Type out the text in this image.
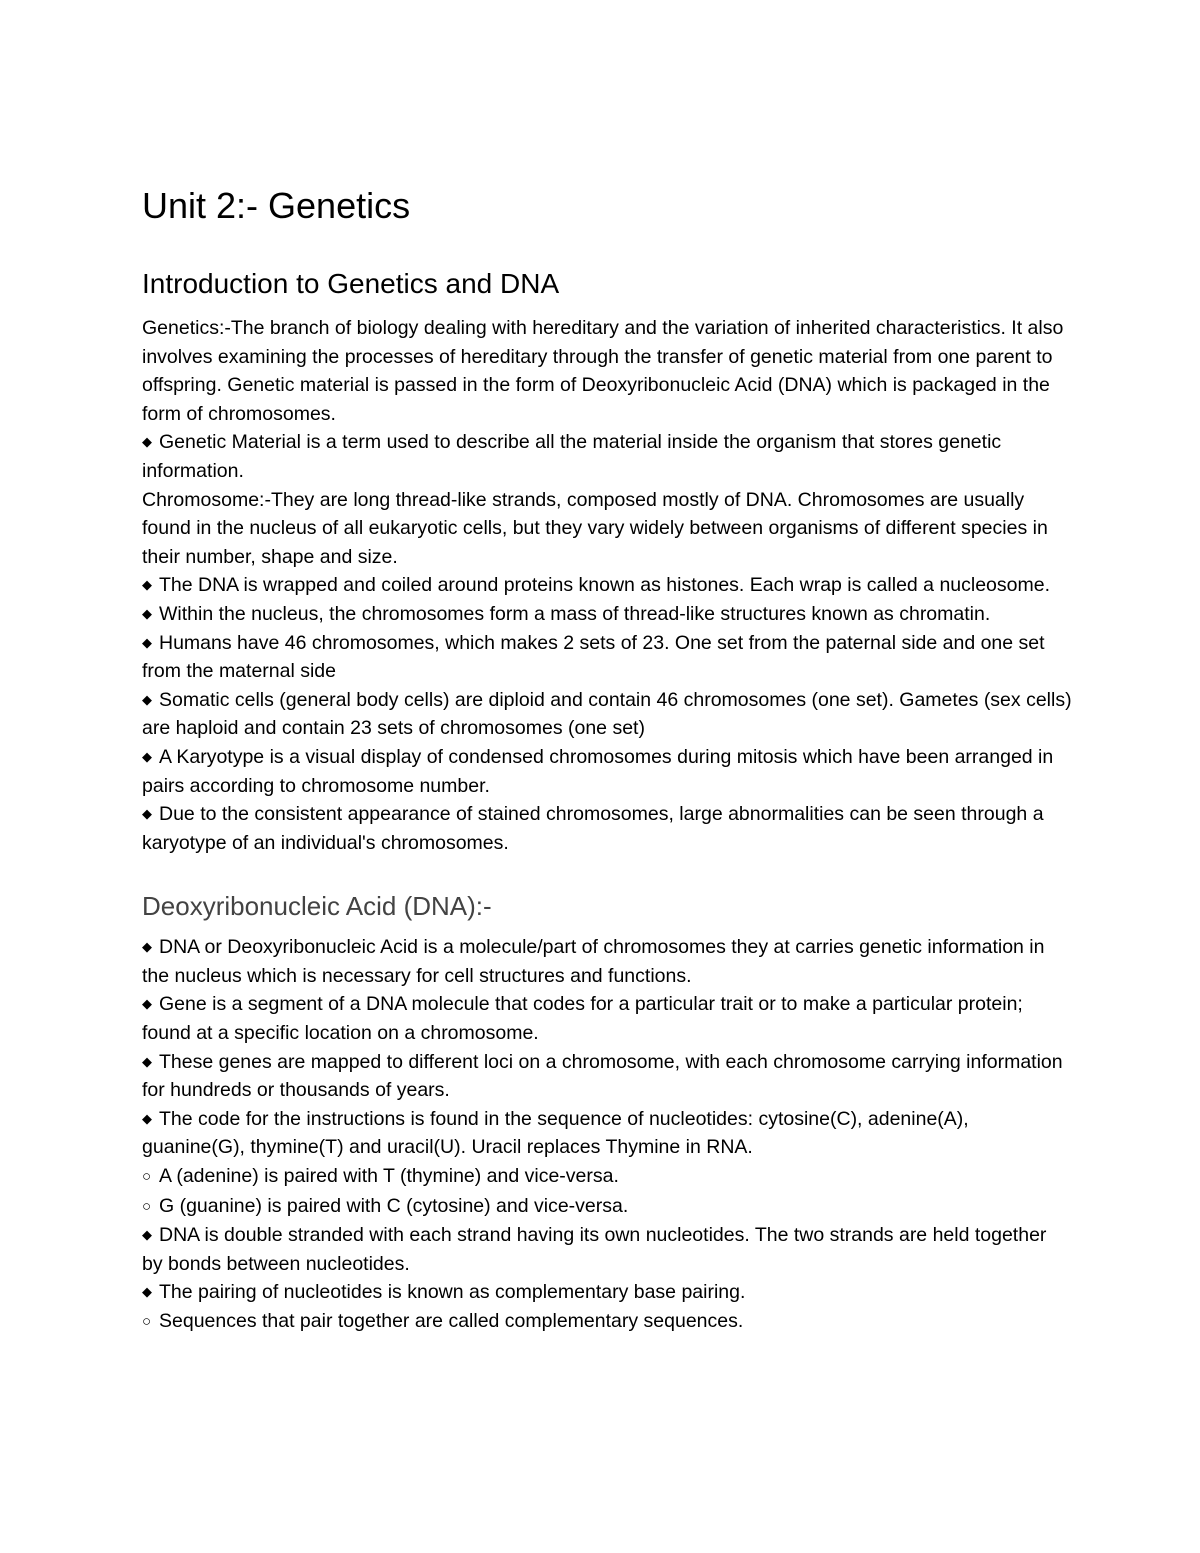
Unit 2:- Genetics
Introduction to Genetics and DNA

Genetics:-The branch of biology dealing with hereditary and the variation of inherited characteristics. It also involves examining the processes of hereditary through the transfer of genetic material from one parent to offspring. Genetic material is passed in the form of Deoxyribonucleic Acid (DNA) which is packaged in the form of chromosomes.

◆ Genetic Material is a term used to describe all the material inside the organism that stores genetic information.

Chromosome:-They are long thread-like strands, composed mostly of DNA. Chromosomes are usually found in the nucleus of all eukaryotic cells, but they vary widely between organisms of different species in their number, shape and size.

◆ The DNA is wrapped and coiled around proteins known as histones. Each wrap is called a nucleosome.

◆ Within the nucleus, the chromosomes form a mass of thread-like structures known as chromatin.

◆ Humans have 46 chromosomes, which makes 2 sets of 23. One set from the paternal side and one set from the maternal side

◆ Somatic cells (general body cells) are diploid and contain 46 chromosomes (one set). Gametes (sex cells) are haploid and contain 23 sets of chromosomes (one set)

◆ A Karyotype is a visual display of condensed chromosomes during mitosis which have been arranged in pairs according to chromosome number.

◆ Due to the consistent appearance of stained chromosomes, large abnormalities can be seen through a karyotype of an individual's chromosomes.

Deoxyribonucleic Acid (DNA):-

◆ DNA or Deoxyribonucleic Acid is a molecule/part of chromosomes they at carries genetic information in the nucleus which is necessary for cell structures and functions.

◆ Gene is a segment of a DNA molecule that codes for a particular trait or to make a particular protein; found at a specific location on a chromosome.

◆ These genes are mapped to different loci on a chromosome, with each chromosome carrying information for hundreds or thousands of years.

◆ The code for the instructions is found in the sequence of nucleotides: cytosine(C), adenine(A), guanine(G), thymine(T) and uracil(U). Uracil replaces Thymine in RNA.

○ A (adenine) is paired with T (thymine) and vice-versa.

○ G (guanine) is paired with C (cytosine) and vice-versa.

◆ DNA is double stranded with each strand having its own nucleotides. The two strands are held together by bonds between nucleotides.

◆ The pairing of nucleotides is known as complementary base pairing.

○ Sequences that pair together are called complementary sequences.
